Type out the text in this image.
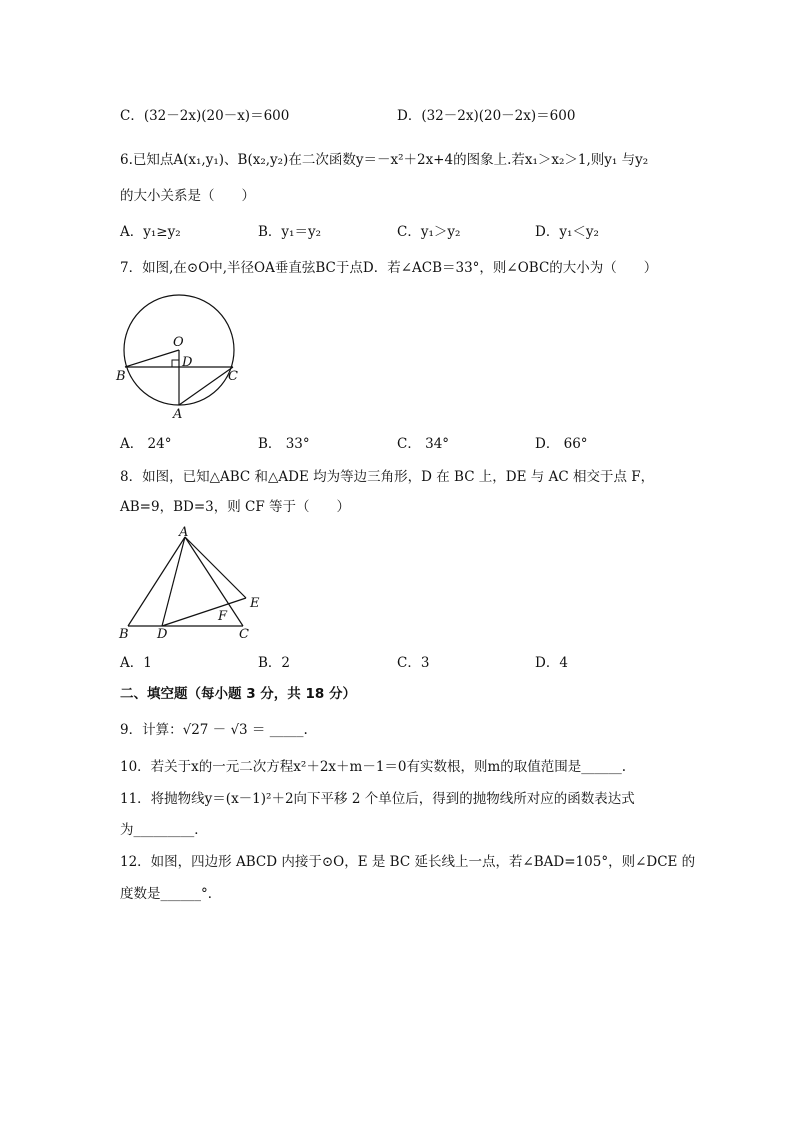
C．(32－2x)(20－x)＝600	D．(32－2x)(20－2x)＝600
6.已知点A(x₁,y₁)、B(x₂,y₂)在二次函数y＝－x²＋2x+4的图象上.若x₁＞x₂＞1,则y₁ 与y₂
的大小关系是（　　）
A．y₁≥y₂	B．y₁＝y₂	C．y₁＞y₂	D．y₁＜y₂
7．如图,在⊙O中,半径OA垂直弦BC于点D．若∠ACB＝33°，则∠OBC的大小为（　　）
O
D
B	C
A
A． 24°	B． 33°	C． 34°	D． 66°
8．如图，已知△ABC 和△ADE 均为等边三角形，D 在 BC 上，DE 与 AC 相交于点 F，
AB=9，BD=3，则 CF 等于（　　）
A
B D
F
C
E
A．1	B．2	C．3	D．4
二、填空题（每小题 3 分，共 18 分）
9．计算：√27 － √3 ＝ _____.
10．若关于x的一元二次方程x²＋2x＋m－1＝0有实数根，则m的取值范围是______.
11．将抛物线y＝(x－1)²＋2向下平移 2 个单位后，得到的抛物线所对应的函数表达式
为_________．
12．如图，四边形 ABCD 内接于⊙O，E 是 BC 延长线上一点，若∠BAD=105°，则∠DCE 的
度数是______°．
